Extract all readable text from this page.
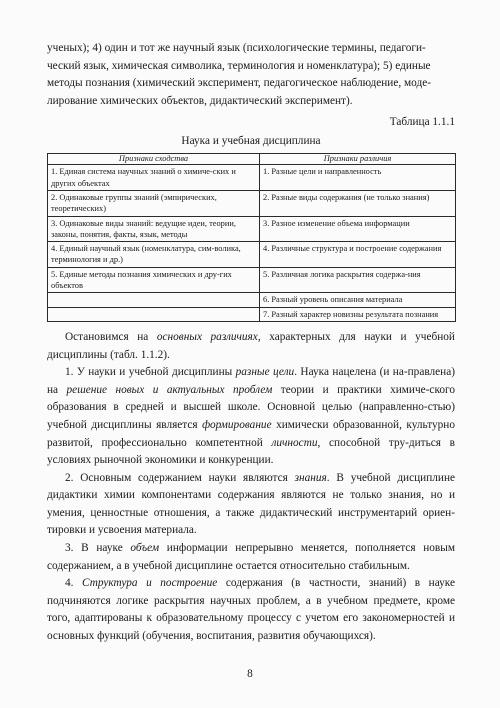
ученых); 4) один и тот же научный язык (психологические термины, педагоги-
ческий язык, химическая символика, терминология и номенклатура); 5) единые
методы познания (химический эксперимент, педагогическое наблюдение, моде-
лирование химических объектов, дидактический эксперимент).

Таблица 1.1.1
Наука и учебная дисциплина
Признаки сходства	Признаки различия
1. Единая система научных знаний о химиче-ских и других объектах	1. Разные цели и направленность
2. Одинаковые группы знаний (эмпирических, теоретических)	2. Разные виды содержания (не только знания)
3. Одинаковые виды знаний: ведущие идеи, теории, законы, понятия, факты, язык, методы	3. Разное изменение объема информации
4. Единый научный язык (номенклатура, сим-волика, терминология и др.)	4. Различные структура и построение содержания
5. Единые методы познания химических и дру-гих объектов	5. Различная логика раскрытия содержа-ния
	6. Разный уровень описания материала
	7. Разный характер новизны результата познания

Остановимся на основных различиях, характерных для науки и учебной дисциплины (табл. 1.1.2).

1. У науки и учебной дисциплины разные цели. Наука нацелена (и на-правлена) на решение новых и актуальных проблем теории и практики химиче-ского образования в средней и высшей школе. Основной целью (направленно-стью) учебной дисциплины является формирование химически образованной, культурно развитой, профессионально компетентной личности, способной тру-диться в условиях рыночной экономики и конкуренции.

2. Основным содержанием науки являются знания. В учебной дисциплине дидактики химии компонентами содержания являются не только знания, но и умения, ценностные отношения, а также дидактический инструментарий ориен-тировки и усвоения материала.

3. В науке объем информации непрерывно меняется, пополняется новым содержанием, а в учебной дисциплине остается относительно стабильным.

4. Структура и построение содержания (в частности, знаний) в науке подчиняются логике раскрытия научных проблем, а в учебном предмете, кроме того, адаптированы к образовательному процессу с учетом его закономерностей и основных функций (обучения, воспитания, развития обучающихся).

8
